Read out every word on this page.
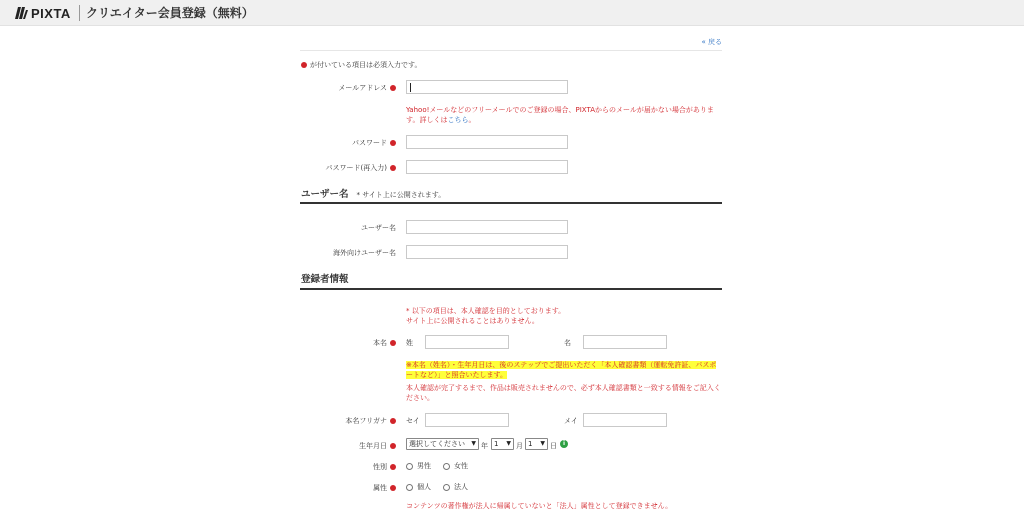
PIXTA クリエイター会員登録（無料）
« 戻る
が付いている項目は必須入力です。
メールアドレス
Yahoo!メールなどのフリーメールでのご登録の場合、PIXTAからのメールが届かない場合があります。詳しくはこちら。
パスワード
パスワード(再入力)
ユーザー名 * サイト上に公開されます。
ユーザー名
海外向けユーザー名
登録者情報
* 以下の項目は、本人確認を目的としております。
サイト上に公開されることはありません。
本名	姓	名
※本名（姓名）・生年月日は、後のステップでご提出いただく「本人確認書類（運転免許証、パスポートなど）」と照合いたします。
本人確認が完了するまで、作品は販売されませんので、必ず本人確認書類と一致する情報をご記入ください。
本名フリガナ	セイ	メイ
生年月日	選択してください ▼ 年 1 ▼ 月 1 ▼ 日 i
性別	男性	女性
属性	個人	法人
コンテンツの著作権が法人に帰属していないと「法人」属性として登録できません。
